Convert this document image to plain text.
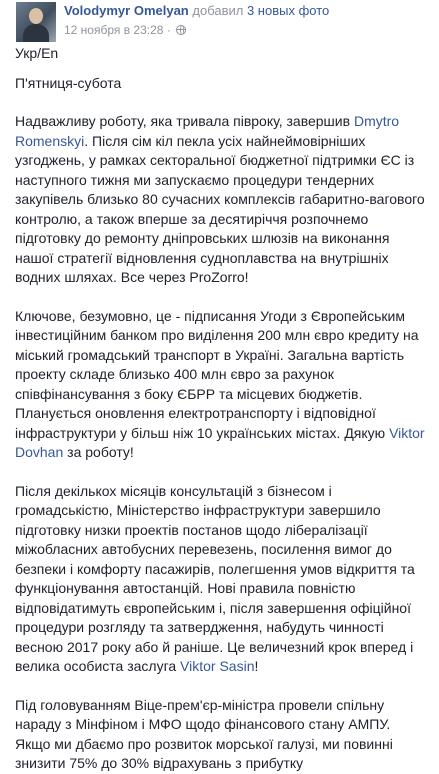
Volodymyr Omelyan добавил 3 новых фото
12 ноября в 23:28 ·

Укр/En

П'ятниця-субота

Надважливу роботу, яка тривала півроку, завершив Dmytro Romenskyi. Після сім кіл пекла усіх найнеймовірніших узгоджень, у рамках секторальної бюджетної підтримки ЄС із наступного тижня ми запускаємо процедури тендерних закупівель близько 80 сучасних комплексів габаритно-вагового контролю, а також вперше за десятиріччя розпочнемо підготовку до ремонту дніпровських шлюзів на виконання нашої стратегії відновлення судноплавства на внутрішніх водних шляхах. Все через ProZorro!

Ключове, безумовно, це - підписання Угоди з Європейським інвестиційним банком про виділення 200 млн євро кредиту на міський громадський транспорт в Україні. Загальна вартість проекту складе близько 400 млн євро за рахунок співфінансування з боку ЄБРР та місцевих бюджетів. Планується оновлення електротранспорту і відповідної інфраструктури у більш ніж 10 українських містах. Дякую Viktor Dovhan за роботу!

Після декількох місяців консультацій з бізнесом і громадськістю, Міністерство інфраструктури завершило підготовку низки проектів постанов щодо лібералізації міжобласних автобусних перевезень, посилення вимог до безпеки і комфорту пасажирів, полегшення умов відкриття та функціонування автостанцій. Нові правила повністю відповідатимуть європейським і, після завершення офіційної процедури розгляду та затвердження, набудуть чинності весною 2017 року або й раніше. Це величезний крок вперед і велика особиста заслуга Viktor Sasin!

Під головуванням Віце-прем'єр-міністра провели спільну нараду з Мінфіном і МФО щодо фінансового стану АМПУ. Якщо ми дбаємо про розвиток морської галузі, ми повинні знизити 75% до 30% відрахувань з прибутку
